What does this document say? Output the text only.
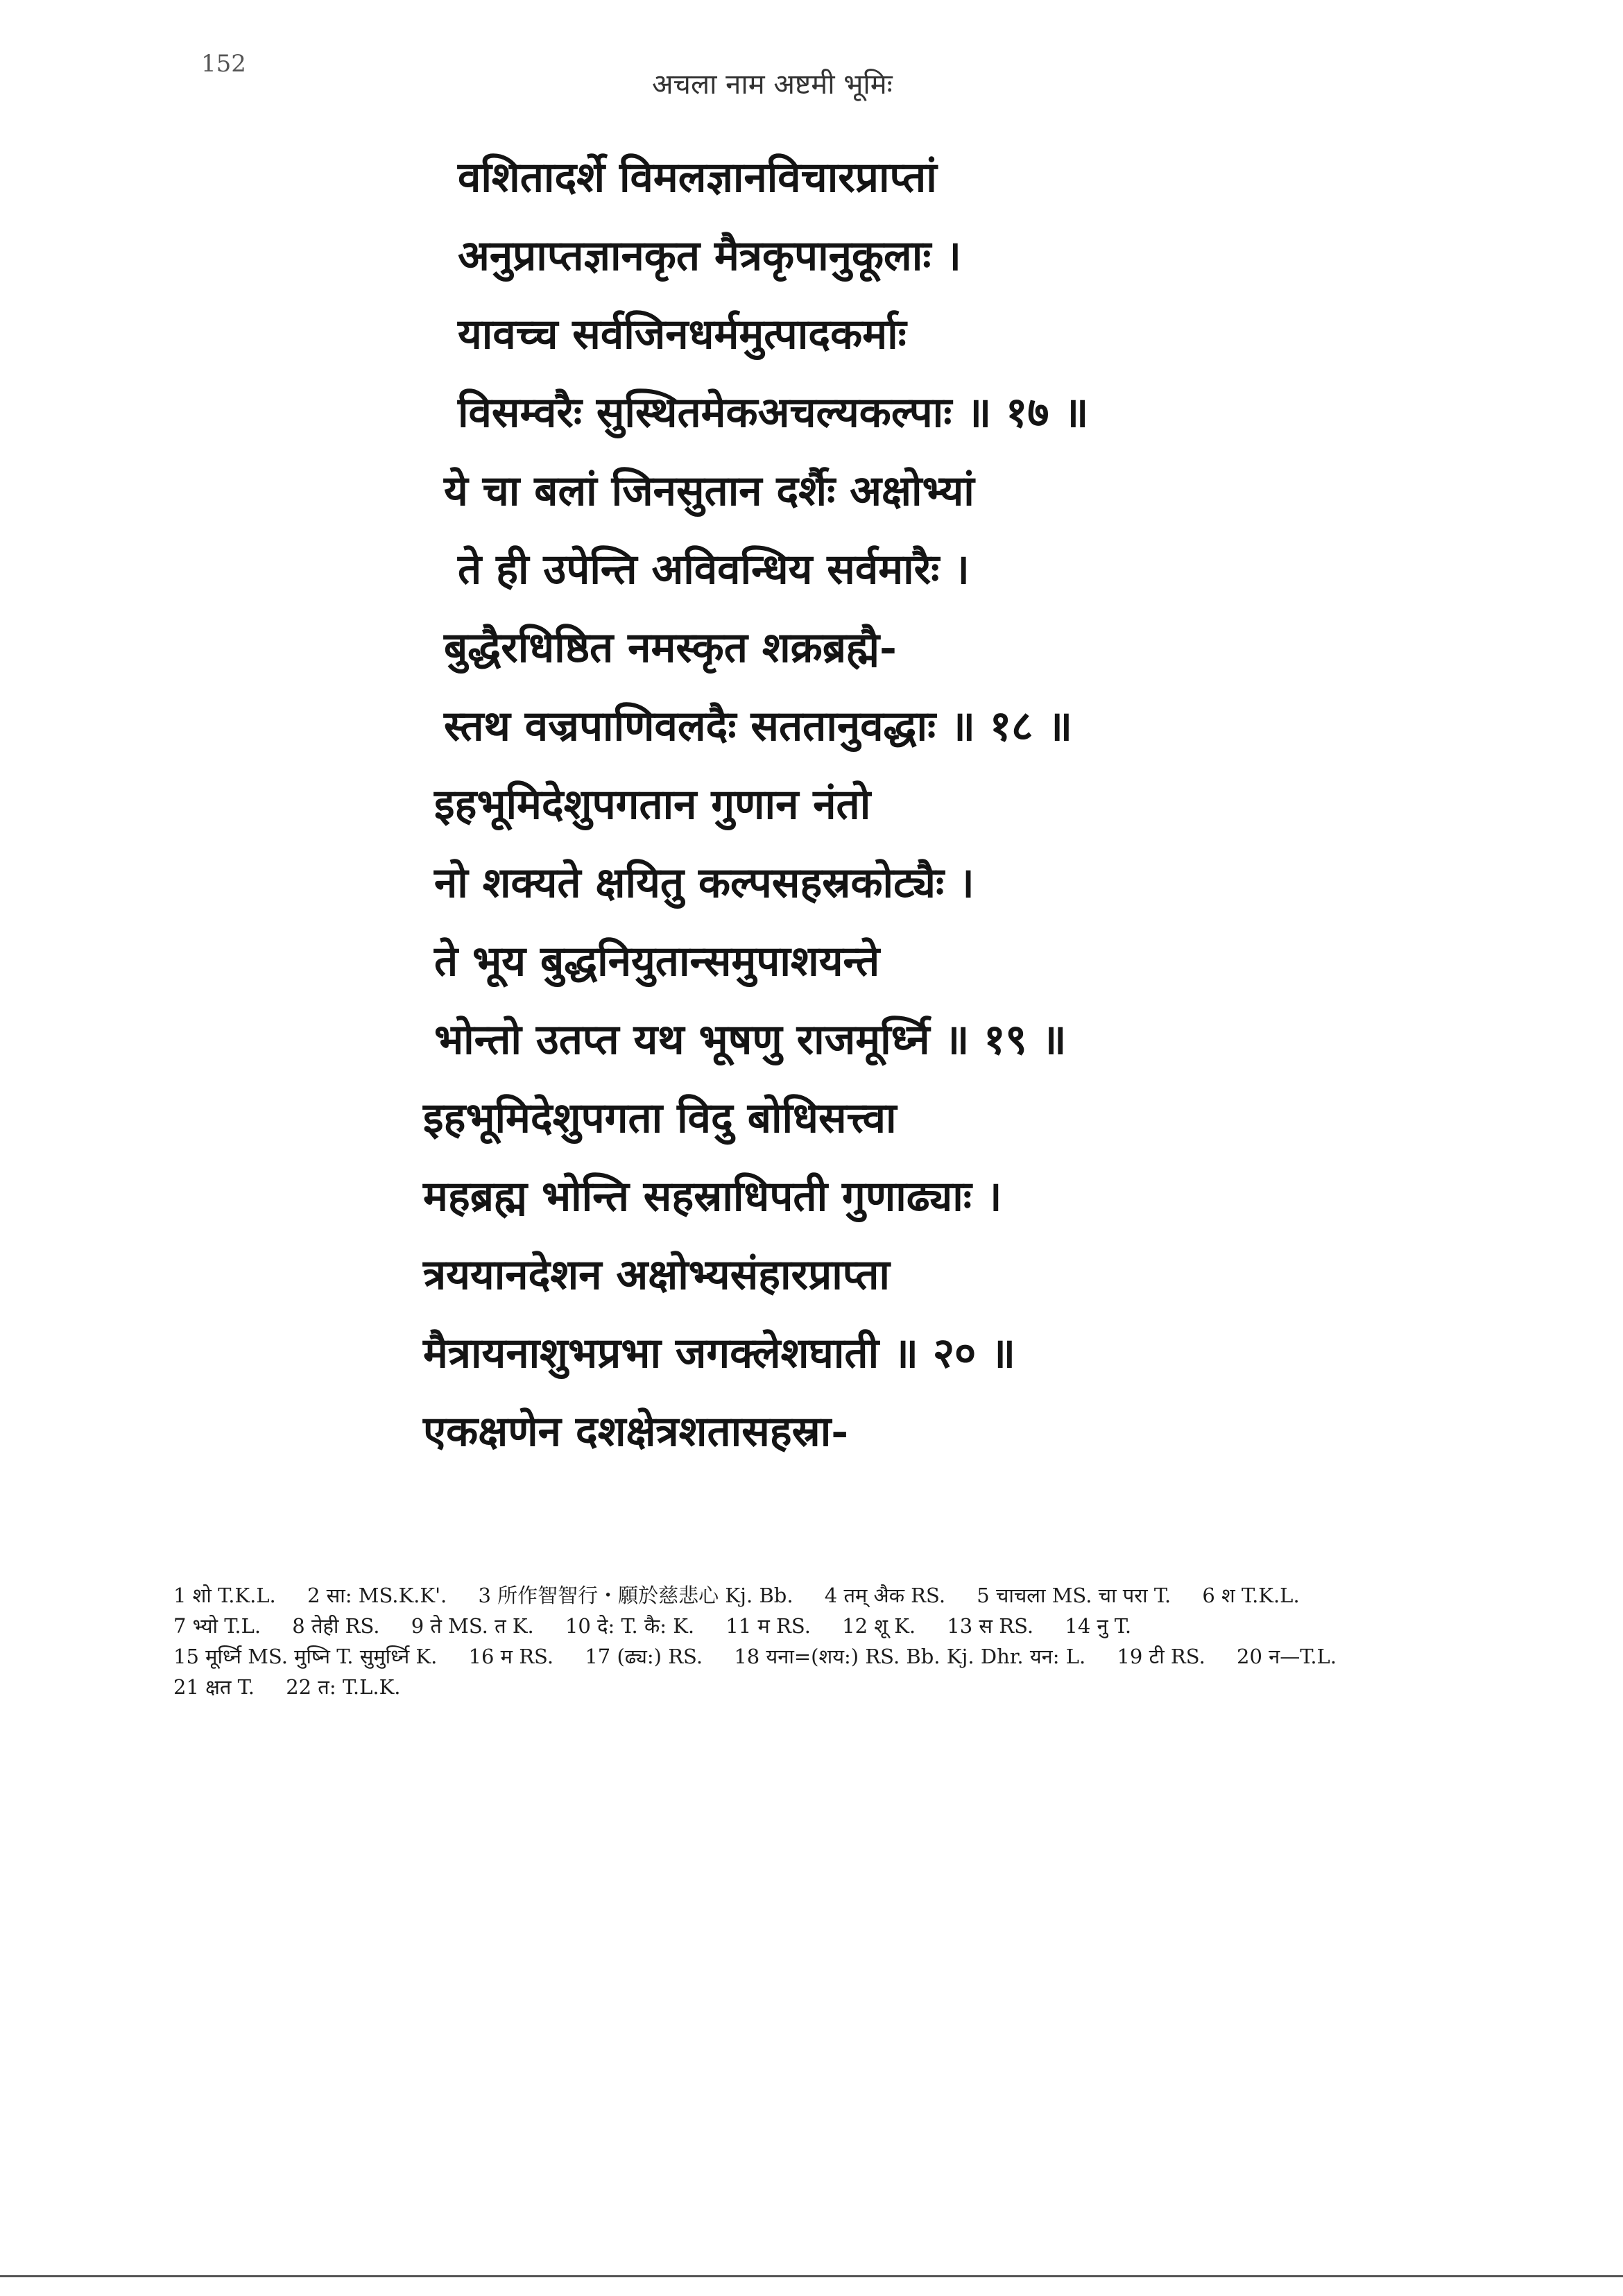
152
अचला नाम अष्टमी भूमिः
वशितादर्शे विमलज्ञानविचारप्राप्तां
अनुप्राप्तज्ञानकृत मैत्रकृपानुकूलाः ।
यावच्च सर्वजिनधर्ममुत्पादकर्माः
विसम्वरैः सुस्थितमेकअचल्यकल्पाः ॥ १७ ॥
ये चा बलां जिनसुतान दर्शैः अक्षोभ्यां
ते ही उपेन्ति अविवन्धिय सर्वमारैः ।
बुद्धैरधिष्ठित नमस्कृत शक्रब्रह्मै-
स्तथ वज्रपाणिवलदैः सततानुवद्धाः ॥ १८ ॥
इहभूमिदेशुपगतान गुणान नंतो
नो शक्यते क्षयितु कल्पसहस्रकोट्यैः ।
ते भूय बुद्धनियुतान्समुपाशयन्ते
भोन्तो उतप्त यथ भूषणु राजमूर्ध्नि ॥ १९ ॥
इहभूमिदेशुपगता विदु बोधिसत्त्वा
महब्रह्म भोन्ति सहस्राधिपती गुणाढ्याः ।
त्रययानदेशन अक्षोभ्यसंहारप्राप्ता
मैत्रायनाशुभप्रभा जगक्लेशघाती ॥ २० ॥
एकक्षणेन दशक्षेत्रशतासहस्रा-
1 शो T.K.L. 2 सा: MS.K.K'. 3 所作智智行・願於慈悲心 Kj. Bb. 4 तम् अैक RS. 5 चाचला MS. चा परा T. 6 श T.K.L. 7 भ्यो T.L. 8 तेही RS. 9 ते MS. त K. 10 दे: T. कै: K. 11 म RS. 12 शू K. 13 स RS. 14 नु T. 15 मूर्ध्नि MS. मुष्नि T. सुमुर्ध्नि K. 16 म RS. 17 (ढ्य:) RS. 18 यना=(शय:) RS. Bb. Kj. Dhr. यन: L. 19 टी RS. 20 न—T.L. 21 क्षत T. 22 त: T.L.K.
